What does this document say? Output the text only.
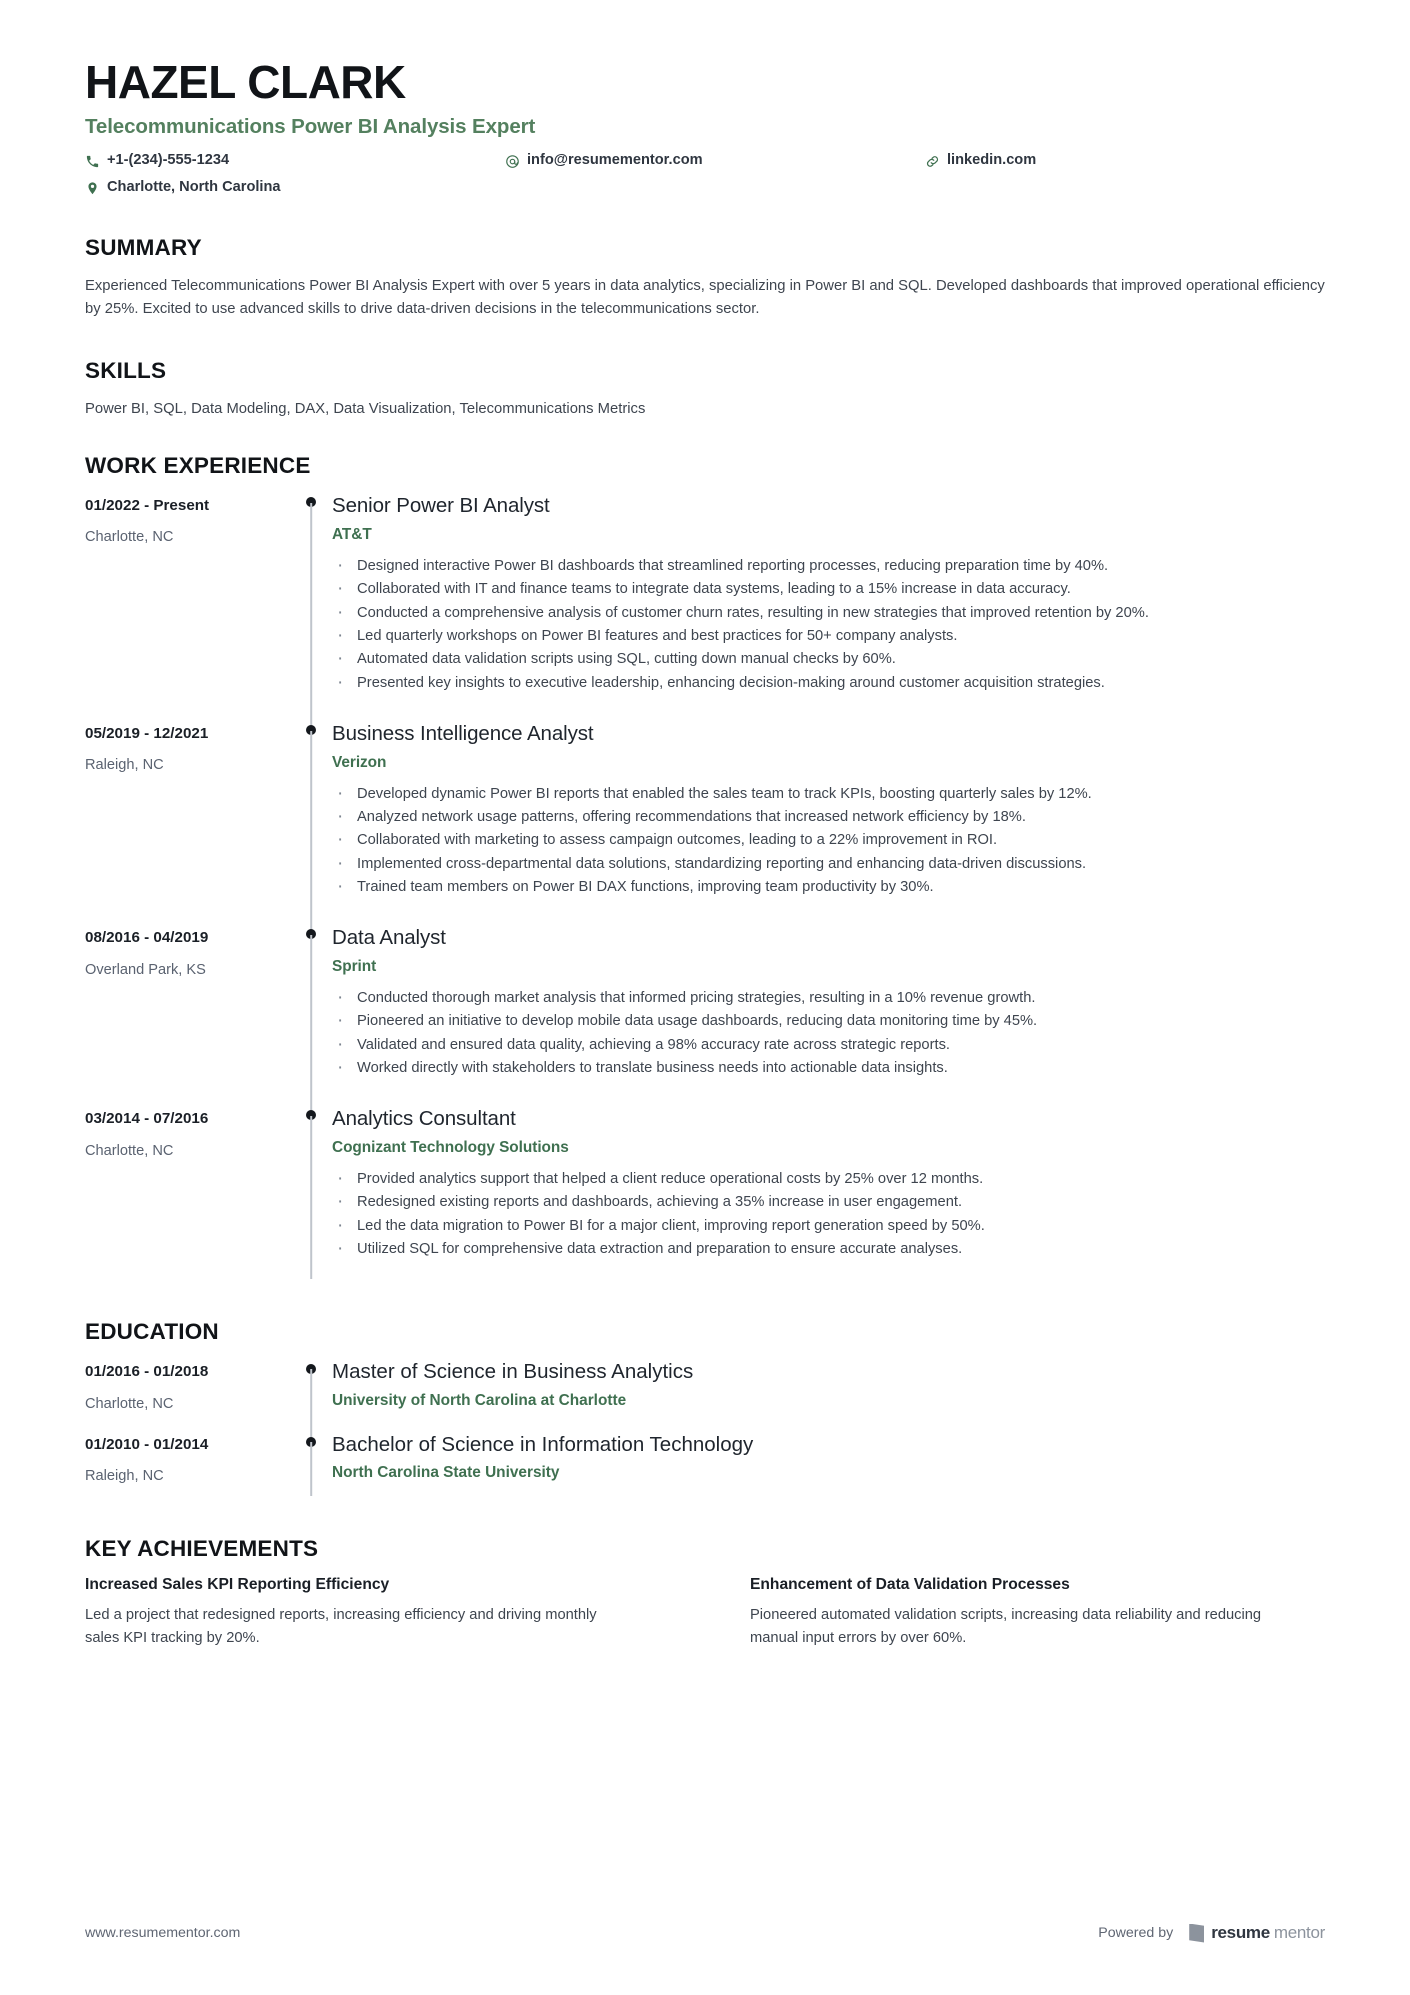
HAZEL CLARK
Telecommunications Power BI Analysis Expert
+1-(234)-555-1234	info@resumementor.com	linkedin.com
Charlotte, North Carolina
SUMMARY

Experienced Telecommunications Power BI Analysis Expert with over 5 years in data analytics, specializing in Power BI and SQL. Developed dashboards that improved operational efficiency by 25%. Excited to use advanced skills to drive data-driven decisions in the telecommunications sector.

SKILLS

Power BI, SQL, Data Modeling, DAX, Data Visualization, Telecommunications Metrics

WORK EXPERIENCE
01/2022 - Present
Charlotte, NC
Senior Power BI Analyst
AT&T
· Designed interactive Power BI dashboards that streamlined reporting processes, reducing preparation time by 40%.
· Collaborated with IT and finance teams to integrate data systems, leading to a 15% increase in data accuracy.
· Conducted a comprehensive analysis of customer churn rates, resulting in new strategies that improved retention by 20%.
· Led quarterly workshops on Power BI features and best practices for 50+ company analysts.
· Automated data validation scripts using SQL, cutting down manual checks by 60%.
· Presented key insights to executive leadership, enhancing decision-making around customer acquisition strategies.
05/2019 - 12/2021
Raleigh, NC
Business Intelligence Analyst
Verizon
· Developed dynamic Power BI reports that enabled the sales team to track KPIs, boosting quarterly sales by 12%.
· Analyzed network usage patterns, offering recommendations that increased network efficiency by 18%.
· Collaborated with marketing to assess campaign outcomes, leading to a 22% improvement in ROI.
· Implemented cross-departmental data solutions, standardizing reporting and enhancing data-driven discussions.
· Trained team members on Power BI DAX functions, improving team productivity by 30%.
08/2016 - 04/2019
Overland Park, KS
Data Analyst
Sprint
· Conducted thorough market analysis that informed pricing strategies, resulting in a 10% revenue growth.
· Pioneered an initiative to develop mobile data usage dashboards, reducing data monitoring time by 45%.
· Validated and ensured data quality, achieving a 98% accuracy rate across strategic reports.
· Worked directly with stakeholders to translate business needs into actionable data insights.
03/2014 - 07/2016
Charlotte, NC
Analytics Consultant
Cognizant Technology Solutions
· Provided analytics support that helped a client reduce operational costs by 25% over 12 months.
· Redesigned existing reports and dashboards, achieving a 35% increase in user engagement.
· Led the data migration to Power BI for a major client, improving report generation speed by 50%.
· Utilized SQL for comprehensive data extraction and preparation to ensure accurate analyses.
EDUCATION
01/2016 - 01/2018
Charlotte, NC
Master of Science in Business Analytics
University of North Carolina at Charlotte
01/2010 - 01/2014
Raleigh, NC
Bachelor of Science in Information Technology
North Carolina State University
KEY ACHIEVEMENTS
Increased Sales KPI Reporting Efficiency
Led a project that redesigned reports, increasing efficiency and driving monthly sales KPI tracking by 20%.
Enhancement of Data Validation Processes
Pioneered automated validation scripts, increasing data reliability and reducing manual input errors by over 60%.
www.resumementor.com	Powered by resume mentor
